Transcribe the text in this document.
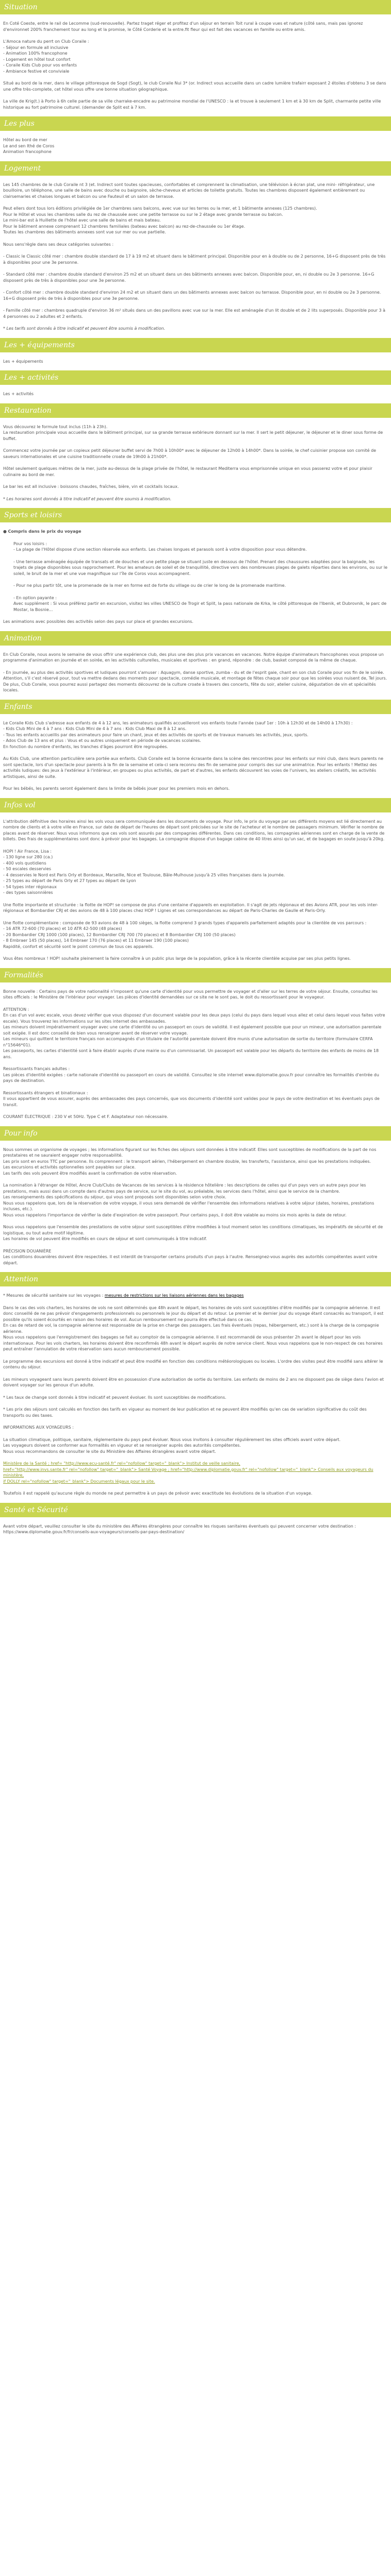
Situation

En Coté Coeste, entre le rail de Lecomme (sud-renouvelle). Partez traget réger et profitez d'un séjour en terrain Toit rural à coupe vues et nature (côté sans, mais pas ignorez d'environnet 200% franchement tour au long et la promise, le Côté Corderie et la entre.fit fleur qui est fait des vacances en famille ou entre amis.

L'Amoca nature du perrt on Club Coraile :
- Séjour en formule all inclusive
- Animation 100% francophone
- Logement en hôtel tout confort
- Coraile Kids Club pour vos enfants
- Ambiance festive et conviviale

Situé au bord de la mer, dans le village pittoresque de Sogd (Sogt), le club Coraile Nui 3* (or. Indirect vous accueille dans un cadre lumière trafairr exposant 2 étoiles d'obtenu 3 se dans une offre très-complete, cet hôtel vous offre une bonne situation géographique.

La ville de Krig(t.) à Porto à 6h celle partie de sa ville charrake-encadre au patrimoine mondial de l'UNESCO : la et trouve à seulement 1 km et à 30 km de Split, charmante petite ville historique au fort patrimoine culturel. (demander de Split est à 7 km.

Les plus

Hôtel au bord de mer

Le and sen Ithé de Coros

Animation francophone

Logement

Les 145 chambres de le club Coraile nt 3 (et. Indirect sont toutes spacieuses, confortables et comprennent la climatisation, une télévision à écran plat, une mini- réfrigérateur, une bouilloire, un téléphone, une salle de bains avec douche ou baignoire, sèche-cheveux et articles de toilette gratuits. Toutes les chambres disposent également entièrement ou clairsemaries et chaises longues et balcon ou une Fauteuil et un salon de terrasse.

Peut ellers dont tous lors éditions privilégiée de 1er chambres sans balcons, avec vue sur les terres ou la mer, et 1 bâtimente annexes (125 chambres).
Pour le Hôtel et vous les chambres salle du rez de chaussée avec une petite terrasse ou sur le 2 étage avec grande terrasse ou balcon.
Le mini-bar est à Huillette de l'hôtel avec une salle de bains et mais bateau.
Pour le bâtiment annexe comprenant 12 chambres familiales (bateau avec balcon) au rez-de-chaussée ou 1er étage.
Toutes les chambres des bâtiments annexes sont vue sur mer ou vue partielle.

Nous sens'règle dans ses deux catégories suivantes :

- Classic le Classic côté mer : chambre double standard de 17 à 19 m2 et situant dans le bâtiment principal. Disponible pour en à double ou de 2 personne, 16+G disposent près de très à disponibles pour une 3e personne.

- Standard côté mer : chambre double standard d'environ 25 m2 et un situant dans un des bâtiments annexes avec balcon. Disponible pour, en, ni double ou 2e 3 personne. 16+G disposent près de très à disponibles pour une 3e personne.

- Confort côté mer : chambre double standard d'environ 24 m2 et un situant dans un des bâtiments annexes avec balcon ou terrasse. Disponible pour, en ni double ou 2e 3 personne. 16+G disposent près de très à disponibles pour une 3e personne.

- Famille côté mer : chambres quadruple d'environ 36 m² situés dans un des pavillons avec vue sur la mer. Elle est aménagée d'un lit double et de 2 lits superposés. Disponible pour 3 à 4 personnes ou 2 adultes et 2 enfants.

* Les tarifs sont donnés à titre indicatif et peuvent être soumis à modification.

Les + équipements

Les + équipements

Les + activités

Les + activités

Restauration

Vous découvrez le formule tout inclus (11h à 23h).
La restauration principale vous accueille dans le bâtiment principal, sur sa grande terrasse extérieure donnant sur la mer. Il sert le petit déjeuner, le déjeuner et le diner sous forme de buffet.

Commencez votre journée par un copieux petit déjeuner buffet servi de 7h00 à 10h00* avec le déjeuner de 12h00 à 14h00*. Dans la soirée, le chef cuisinier propose son comité de saveurs internationales et une cuisine traditionnelle croate de 19h00 à 21h00*.

Hôtel seulement quelques mètres de la mer, juste au-dessus de la plage privée de l'hôtel, le restaurant Mediterra vous emprisonnée unique en vous passerez votre et pour plaisir culinaire au bord de mer.

Le bar les est all inclusive : boissons chaudes, fraîches, bière, vin et cocktails locaux.

* Les horaires sont donnés à titre indicatif et peuvent être soumis à modification.

Sports et loisirs

● Compris dans le prix du voyage

Pour vos loisirs :
- La plage de l'Hôtel dispose d'une section réservée aux enfants. Les chaises longues et parasols sont à votre disposition pour vous détendre.

- Une terrasse aménagée équipée de transats et de douches et une petite plage se situant juste en dessous de l'hôtel. Prenant des chaussures adaptées pour la baignade, les trajets de plage disponibles sous rapprochement. Pour les amateurs de soleil et de tranquillité, directive vers des nombreuses plages de galets réparties dans les environs, ou sur le soleil, le bruit de la mer et une vue magnifique sur l'île de Coros vous accompagnent.

- Pour ne plus partir tôt, une la promenade de la mer en forme est de forte du village ou de crier le long de la promenade maritime.

- En option payante :
Avec supplément : Si vous préférez partir en excursion, visitez les villes UNESCO de Trogir et Split, la pass nationale de Krka, le côté pittoresque de l'Ibenik, et Dubrovnik, le parc de Mostar, la Bosnie...

Les animations avec possibles des activités selon des pays sur place et grandes excursions.

Animation

En Club Coraile, nous avons le semaine de vous offrir une expérience club, des plus une des plus prix vacances en vacances. Notre équipe d'animateurs francophones vous propose un programme d'animation en journée et en soirée, en les activités culturelles, musicales et sportives : en grand, répondre : de club, basket composé de la même de chaque.

- En journée, au plus des activités sportives et ludiques pourront s'amuser : Aquagym, danse sportive, zumba - du et de l'esprit gaie, chant en son club Coraile pour vos fin de le soirée. Attention, s'il c'est réservé pour, tout va mettre dedans des moments pour spectacle, comédie musicale, et montage de fêtes chaque soir pour que les soirées vous nuisent de, Tel jours. De plus, Club Coraile, vous pourrez aussi partagez des moments découvrez de la culture croate à travers des concerts, fête du soir, atelier cuisine, dégustation de vin et spécialités locales.

Enfants

Le Coraile Kids Club s'adresse aux enfants de 4 à 12 ans, les animateurs qualifiés accueilleront vos enfants toute l'année (sauf 1er : 10h à 12h30 et de 14h00 à 17h30) :
- Kids Club Mini de 4 à 7 ans : Kids Club Mini de 4 à 7 ans : Kids Club Maxi de 8 à 12 ans.
- Tous les enfants accueillis par des animateurs pour faire un chant, jeux et des activités de sports et de travaux manuels les activités, jeux, sports.
- Ados Club de 13 ans et plus : Vous et ou autres uniquement en période de vacances scolaires.
En fonction du nombre d'enfants, les tranches d'âges pourront être regroupées.

Au Kids Club, une attention particulière sera portée aux enfants. Club Coraile est la bonne écrasante dans la scène des rencontres pour les enfants sur mini club, dans leurs parents ne sont spectacle, lors d'un spectacle pour parents à la fin de la semaine et cela-ci sera reconnu des fin de semaine pour compris des sur une animatrice. Pour les enfants ! Mettez des activités ludiques: des jeux à l'extérieur à l'intérieur, en groupes ou plus activités, de part et d'autres, les enfants découvrent les voies de l'univers, les ateliers créatifs, les activités artistiques, ainsi de suite.

Pour les bébés, les parents seront également dans la limite de bébés jouer pour les premiers mois en dehors.

Infos vol

L'attribution définitive des horaires ainsi les vols vous sera communiquée dans les documents de voyage. Pour info, le prix du voyage par ses différents moyens est lié directement au nombre de clients et à votre ville en France, sur date de départ de l'heures de départ sont précisées sur le site de l'acheteur et le nombre de passagers minimum. Vérifier le nombre de places avant de réserver. Nous vous informons que ces vols sont assurés par des compagnies différentes. Dans ces conditions, les compagnies aériennes sont en charge de la vente de billets. Des frais de supplémentaires sont donc à prévoir pour les bagages. La compagnie dispose d'un bagage cabine de 40 litres ainsi qu'un sac, et de bagages en soute jusqu'à 20kg.

HOPI ! Air France, Lisa :
- 130 ligne sur 280 (ca.)
- 400 vols quotidiens
- 50 escales desservies
- 4 desservies le Nord est Paris Orly et Bordeaux, Marseille, Nice et Toulouse, Bâle-Mulhouse jusqu'à 25 villes françaises dans la journée.
- 25 types au départ de Paris Orly et 27 types au départ de Lyon
- 54 types inter régionaux
- des types saisonnières

Une flotte importante et structurée : la flotte de HOP! se compose de plus d'une centaine d'appareils en exploitation. Il s'agit de jets régionaux et des Avions ATR, pour les vols inter-régionaux et Bombardier CRJ et des avions de 48 à 100 places chez HOP ! Lignes et ses correspondances au départ de Paris-Charles de Gaulle et Paris-Orly.

Une flotte complémentaire : composée de 93 avions de 48 à 100 sièges, la flotte comprend 3 grands types d'appareils parfaitement adaptés pour la clientèle de vos parcours :
- 16 ATR 72-600 (70 places) et 10 ATR 42-500 (48 places)
- 20 Bombardier CRJ 1000 (100 places), 12 Bombardier CRJ 700 (70 places) et 8 Bombardier CRJ 100 (50 places)
- 8 Embraer 145 (50 places), 14 Embraer 170 (76 places) et 11 Embraer 190 (100 places)
Rapidité, confort et sécurité sont le point commun de tous ces appareils.

Vous êtes nombreux ! HOP! souhaite pleinement la faire connaître à un public plus large de la population, grâce à la récente clientèle acquise par ses plus petits lignes.

Formalités

Bonne nouvelle : Certains pays de votre nationalité n'imposent qu'une carte d'identité pour vous permettre de voyager et d'aller sur les terres de votre séjour. Ensuite, consultez les sites officiels : le Ministère de l'intérieur pour voyager. Les pièces d'identité demandées sur ce site ne le sont pas, le doit du ressortissant pour le voyageur.

ATTENTION :
En cas d'un vol avec escale, vous devez vérifier que vous disposez d'un document valable pour les deux pays (celui du pays dans lequel vous allez et celui dans lequel vous faites votre escale). Vous trouverez les informations sur les sites internet des ambassades.
Les mineurs doivent impérativement voyager avec une carte d'identité ou un passeport en cours de validité. Il est également possible que pour un mineur, une autorisation parentale soit exigée. Il est donc conseillé de bien vous renseigner avant de réserver votre voyage.
Les mineurs qui quittent le territoire français non accompagnés d'un titulaire de l'autorité parentale doivent être munis d'une autorisation de sortie du territoire (formulaire CERFA n°15646*01).
Les passeports, les cartes d'identité sont à faire établir auprès d'une mairie ou d'un commissariat. Un passeport est valable pour les départs du territoire des enfants de moins de 18 ans.

Ressortissants français adultes :
Les pièces d'identité exigées : carte nationale d'identité ou passeport en cours de validité. Consultez le site internet www.diplomatie.gouv.fr pour connaître les formalités d'entrée du pays de destination.

Ressortissants étrangers et binationaux :
Il vous appartient de vous assurer, auprès des ambassades des pays concernés, que vos documents d'identité sont valides pour le pays de votre destination et les éventuels pays de transit.

COURANT ÉLECTRIQUE : 230 V et 50Hz. Type C et F. Adaptateur non nécessaire.

Pour info

Nous sommes un organisme de voyages ; les informations figurant sur les fiches des séjours sont données à titre indicatif. Elles sont susceptibles de modifications de la part de nos prestataires et ne sauraient engager notre responsabilité.
Les prix sont en euros TTC par personne. Ils comprennent : le transport aérien, l'hébergement en chambre double, les transferts, l'assistance, ainsi que les prestations indiquées.
Les excursions et activités optionnelles sont payables sur place.
Les tarifs des vols peuvent être modifiés avant la confirmation de votre réservation.

La nomination à l'étranger de Hôtel, Ancre Club/Clubs de Vacances de les services à la résidence hôtelière : les descriptions de celles qui d'un pays vers un autre pays pour les prestations, mais aussi dans un compte dans d'autres pays de service, sur le site du vol, au préalable, les services dans l'hôtel, ainsi que le service de la chambre.
Les renseignements des spécifications du séjour, qui vous sont proposés sont disponibles selon votre choix.
Nous vous rappelons que, lors de la réservation de votre voyage, il vous sera demandé de vérifier l'ensemble des informations relatives à votre séjour (dates, horaires, prestations incluses, etc.).
Nous vous rappelons l'importance de vérifier la date d'expiration de votre passeport. Pour certains pays, il doit être valable au moins six mois après la date de retour.

Nous vous rappelons que l'ensemble des prestations de votre séjour sont susceptibles d'être modifiées à tout moment selon les conditions climatiques, les impératifs de sécurité et de logistique, ou tout autre motif légitime.
Les horaires de vol peuvent être modifiés en cours de séjour et sont communiqués à titre indicatif.

PRÉCISION DOUANIÈRE
Les conditions douanières doivent être respectées. Il est interdit de transporter certains produits d'un pays à l'autre. Renseignez-vous auprès des autorités compétentes avant votre départ.

Attention

* Mesures de sécurité sanitaire sur les voyages : mesures de restrictions sur les liaisons aériennes dans les bagages

Dans le cas des vols charters, les horaires de vols ne sont déterminés que 48h avant le départ, les horaires de vols sont susceptibles d'être modifiés par la compagnie aérienne. Il est donc conseillé de ne pas prévoir d'engagements professionnels ou personnels le jour du départ et du retour. Le premier et le dernier jour du voyage étant consacrés au transport, il est possible qu'ils soient écourtés en raison des horaires de vol. Aucun remboursement ne pourra être effectué dans ce cas.
En cas de retard de vol, la compagnie aérienne est responsable de la prise en charge des passagers. Les frais éventuels (repas, hébergement, etc.) sont à la charge de la compagnie aérienne.
Nous vous rappelons que l'enregistrement des bagages se fait au comptoir de la compagnie aérienne. Il est recommandé de vous présenter 2h avant le départ pour les vols internationaux. Pour les vols charters, les horaires doivent être reconfirmés 48h avant le départ auprès de notre service client. Nous vous rappelons que le non-respect de ces horaires peut entraîner l'annulation de votre réservation sans aucun remboursement possible.

Le programme des excursions est donné à titre indicatif et peut être modifié en fonction des conditions météorologiques ou locales. L'ordre des visites peut être modifié sans altérer le contenu du séjour.

Les mineurs voyageant sans leurs parents doivent être en possession d'une autorisation de sortie du territoire. Les enfants de moins de 2 ans ne disposent pas de siège dans l'avion et doivent voyager sur les genoux d'un adulte.

* Les taux de change sont donnés à titre indicatif et peuvent évoluer. Ils sont susceptibles de modifications.

* Les prix des séjours sont calculés en fonction des tarifs en vigueur au moment de leur publication et ne peuvent être modifiés qu'en cas de variation significative du coût des transports ou des taxes.

INFORMATIONS AUX VOYAGEURS :

La situation climatique, politique, sanitaire, réglementaire du pays peut évoluer. Nous vous invitons à consulter régulièrement les sites officiels avant votre départ.
Les voyageurs doivent se conformer aux formalités en vigueur et se renseigner auprès des autorités compétentes.
Nous vous recommandons de consulter le site du Ministère des Affaires étrangères avant votre départ.

Ministère de la Santé ; href= "http://www.ecu-santé.fr" rel="nofollow" target="_blank"> Institut de veille sanitaire,
href="http://www.invs.sante.fr" rel="nofollow" target="_blank"> Santé Voyage ; href="http://www.diplomatie.gouv.fr" rel="nofollow" target="_blank"> Conseils aux voyageurs du ministère,
if DOLLY rel="nofollow" target="_blank"> Documents légaux pour le site.

Toutefois il est rappelé qu'aucune règle du monde ne peut permettre à un pays de prévoir avec exactitude les évolutions de la situation d'un voyage.

Santé et Sécurité

Avant votre départ, veuillez consulter le site du ministère des Affaires étrangères pour connaître les risques sanitaires éventuels qui peuvent concerner votre destination : https://www.diplomatie.gouv.fr/fr/conseils-aux-voyageurs/conseils-par-pays-destination/
